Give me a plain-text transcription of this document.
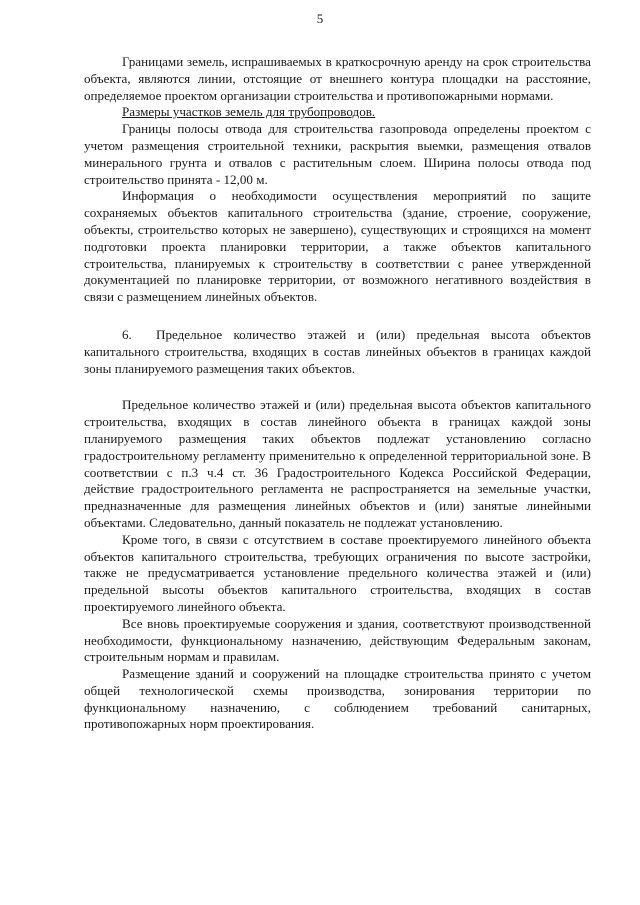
5

Границами земель, испрашиваемых в краткосрочную аренду на срок строительства объекта, являются линии, отстоящие от внешнего контура площадки на расстояние, определяемое проектом организации строительства и противопожарными нормами.

Размеры участков земель для трубопроводов.

Границы полосы отвода для строительства газопровода определены проектом с учетом размещения строительной техники, раскрытия выемки, размещения отвалов минерального грунта и отвалов с растительным слоем. Ширина полосы отвода под строительство принята - 12,00 м.

Информация о необходимости осуществления мероприятий по защите сохраняемых объектов капитального строительства (здание, строение, сооружение, объекты, строительство которых не завершено), существующих и строящихся на момент подготовки проекта планировки территории, а также объектов капитального строительства, планируемых к строительству в соответствии с ранее утвержденной документацией по планировке территории, от возможного негативного воздействия в связи с размещением линейных объектов.

6. Предельное количество этажей и (или) предельная высота объектов капитального строительства, входящих в состав линейных объектов в границах каждой зоны планируемого размещения таких объектов.

Предельное количество этажей и (или) предельная высота объектов капитального строительства, входящих в состав линейного объекта в границах каждой зоны планируемого размещения таких объектов подлежат установлению согласно градостроительному регламенту применительно к определенной территориальной зоне. В соответствии с п.3 ч.4 ст. 36 Градостроительного Кодекса Российской Федерации, действие градостроительного регламента не распространяется на земельные участки, предназначенные для размещения линейных объектов и (или) занятые линейными объектами. Следовательно, данный показатель не подлежат установлению.

Кроме того, в связи с отсутствием в составе проектируемого линейного объекта объектов капитального строительства, требующих ограничения по высоте застройки, также не предусматривается установление предельного количества этажей и (или) предельной высоты объектов капитального строительства, входящих в состав проектируемого линейного объекта.

Все вновь проектируемые сооружения и здания, соответствуют производственной необходимости, функциональному назначению, действующим Федеральным законам, строительным нормам и правилам.

Размещение зданий и сооружений на площадке строительства принято с учетом общей технологической схемы производства, зонирования территории по функциональному назначению, с соблюдением требований санитарных, противопожарных норм проектирования.
